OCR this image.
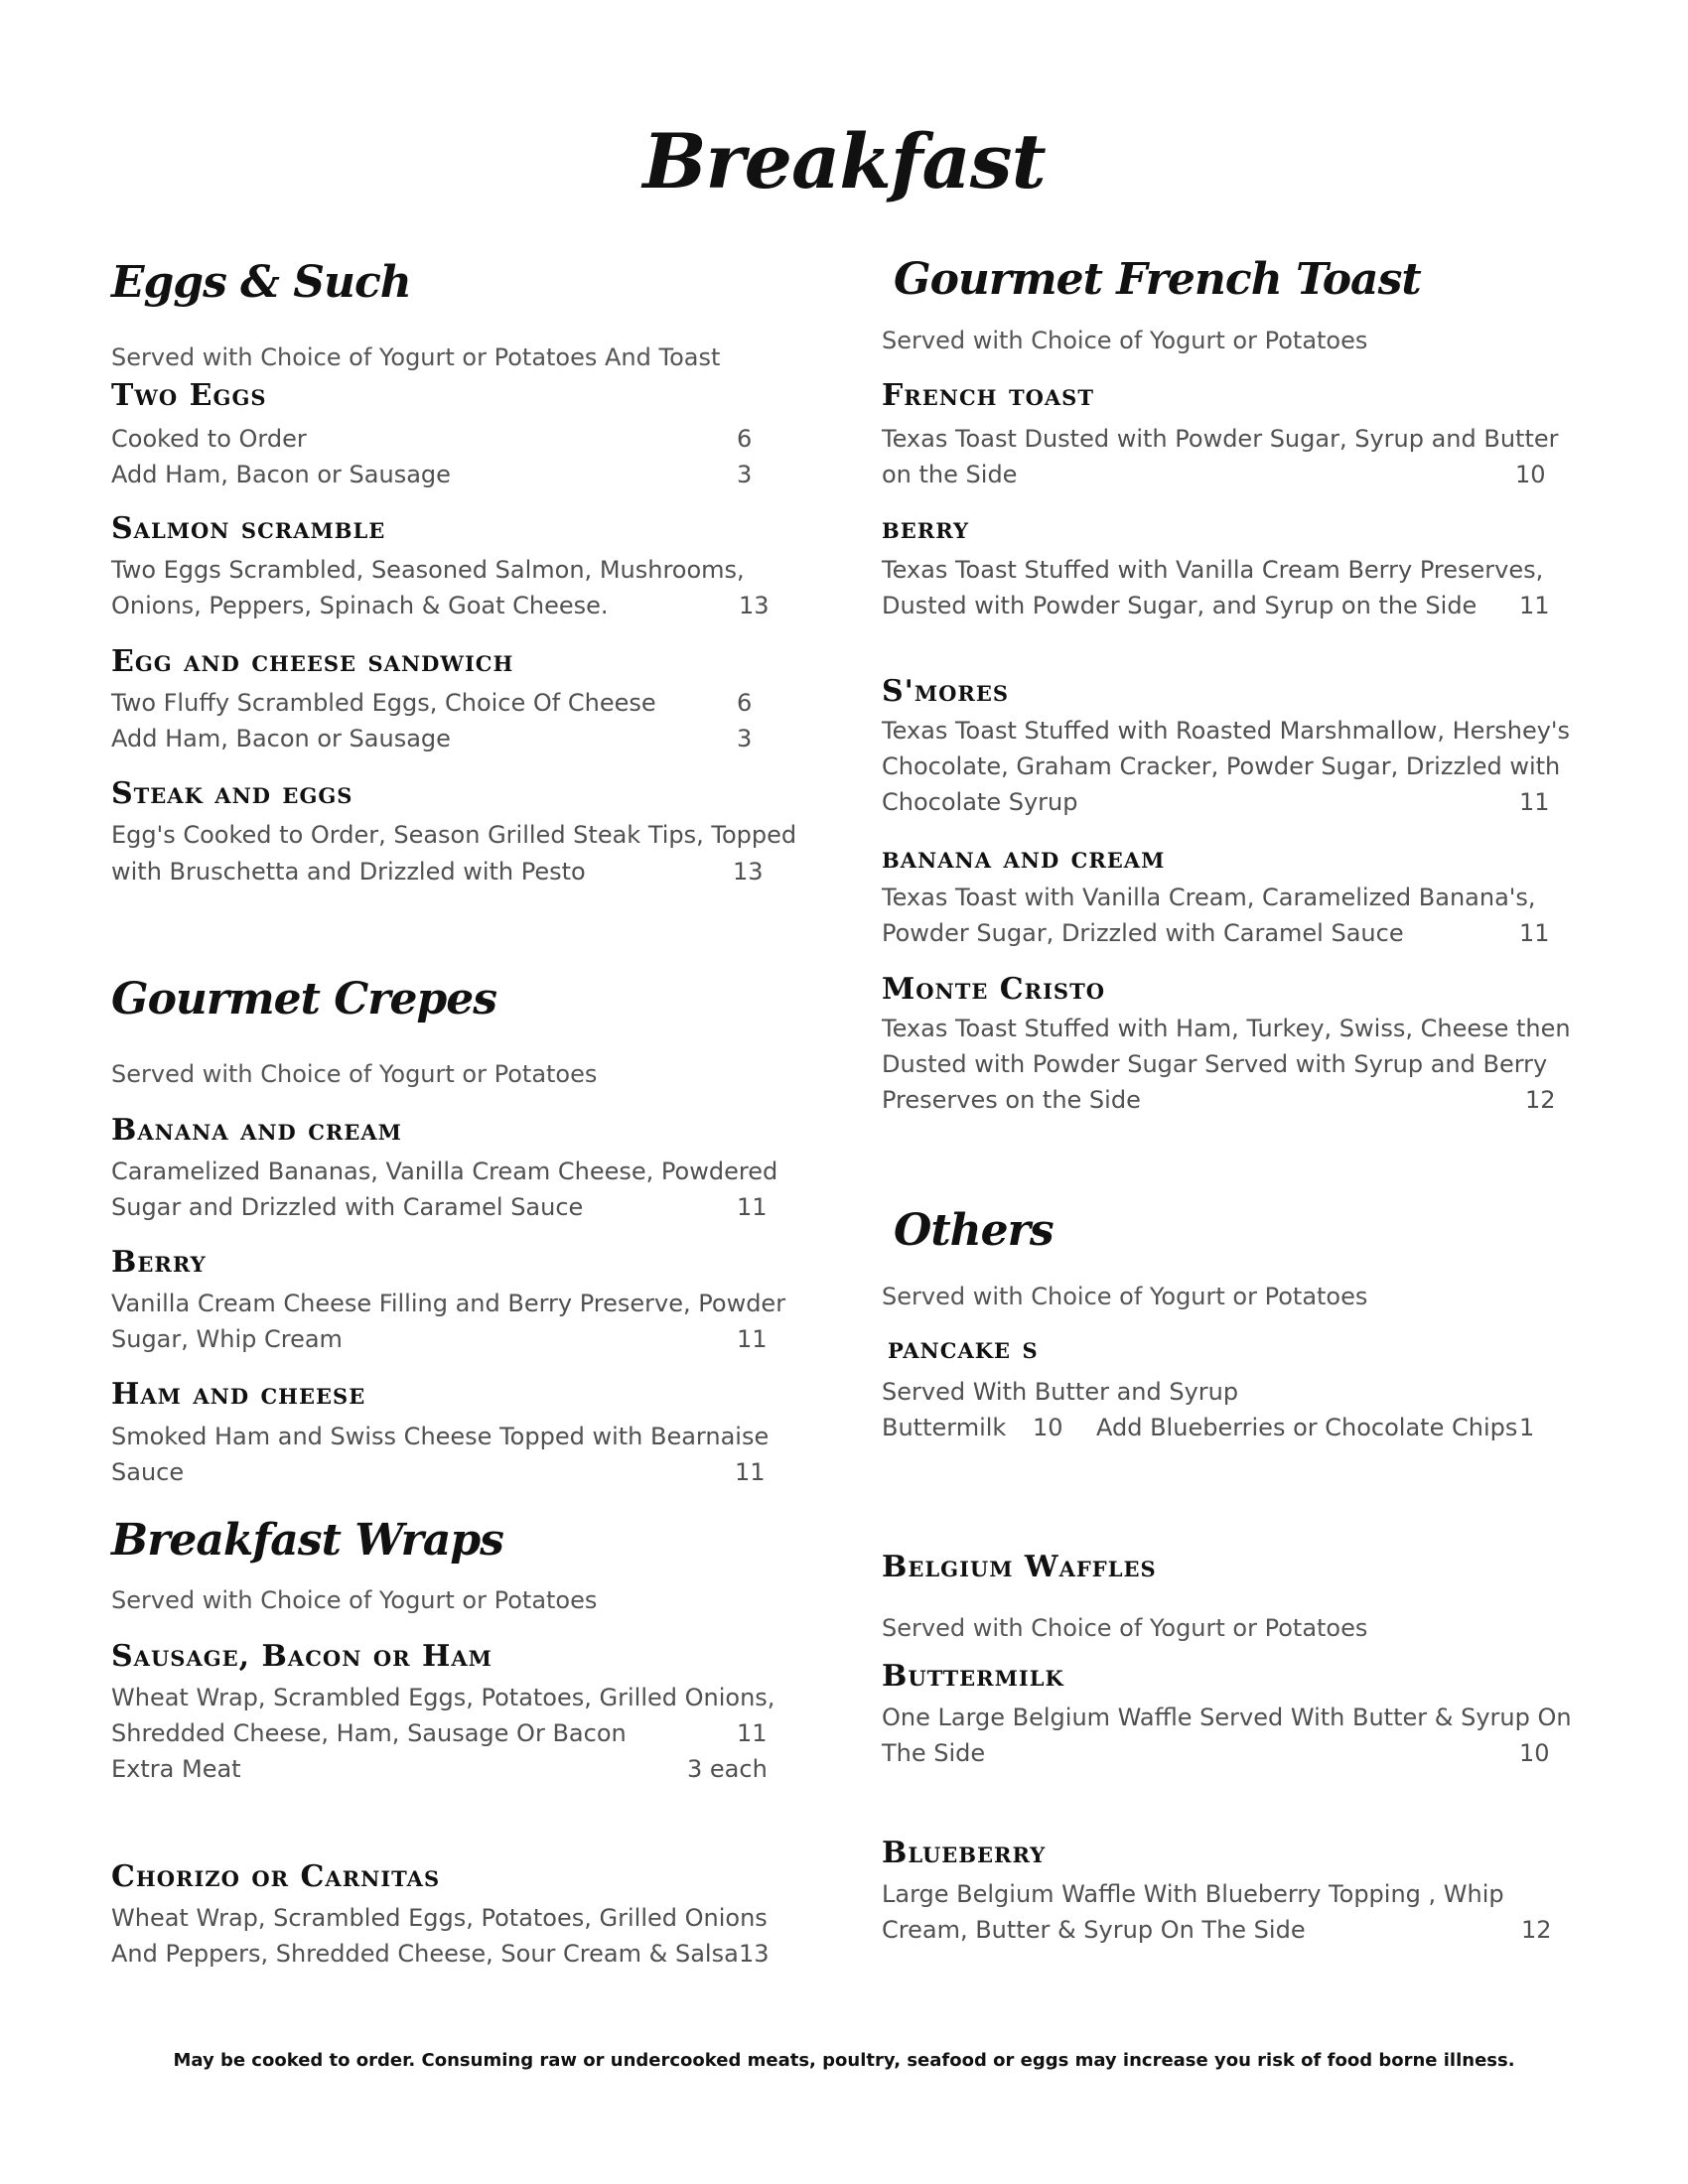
Breakfast
Eggs & Such
Served with Choice of Yogurt or Potatoes And Toast
Two Eggs
Cooked to Order	6
Add Ham, Bacon or Sausage	3
Salmon scramble
Two Eggs Scrambled, Seasoned Salmon, Mushrooms,
Onions, Peppers, Spinach & Goat Cheese.	13
Egg and cheese sandwich
Two Fluffy Scrambled Eggs, Choice Of Cheese	6
Add Ham, Bacon or Sausage	3
Steak and eggs
Egg's Cooked to Order, Season Grilled Steak Tips, Topped
with Bruschetta and Drizzled with Pesto	13
Gourmet Crepes
Served with Choice of Yogurt or Potatoes
Banana and cream
Caramelized Bananas, Vanilla Cream Cheese, Powdered
Sugar and Drizzled with Caramel Sauce	11
Berry
Vanilla Cream Cheese Filling and Berry Preserve, Powder
Sugar, Whip Cream	11
Ham and cheese
Smoked Ham and Swiss Cheese Topped with Bearnaise
Sauce	11
Breakfast Wraps
Served with Choice of Yogurt or Potatoes
Sausage, Bacon or Ham
Wheat Wrap, Scrambled Eggs, Potatoes, Grilled Onions,
Shredded Cheese, Ham, Sausage Or Bacon	11
Extra Meat	3 each
Chorizo or Carnitas
Wheat Wrap, Scrambled Eggs, Potatoes, Grilled Onions
And Peppers, Shredded Cheese, Sour Cream & Salsa 13
Gourmet French Toast
Served with Choice of Yogurt or Potatoes
French toast
Texas Toast Dusted with Powder Sugar, Syrup and Butter
on the Side	10
berry
Texas Toast Stuffed with Vanilla Cream Berry Preserves,
Dusted with Powder Sugar, and Syrup on the Side 11
S'mores
Texas Toast Stuffed with Roasted Marshmallow, Hershey's
Chocolate, Graham Cracker, Powder Sugar, Drizzled with
Chocolate Syrup	11
banana and cream
Texas Toast with Vanilla Cream, Caramelized Banana's,
Powder Sugar, Drizzled with Caramel Sauce	11
Monte Cristo
Texas Toast Stuffed with Ham, Turkey, Swiss, Cheese then
Dusted with Powder Sugar Served with Syrup and Berry
Preserves on the Side	12
Others
Served with Choice of Yogurt or Potatoes
pancake s
Served With Butter and Syrup
Buttermilk 10 Add Blueberries or Chocolate Chips 1
Belgium Waffles
Served with Choice of Yogurt or Potatoes
Buttermilk
One Large Belgium Waffle Served With Butter & Syrup On
The Side	10
Blueberry
Large Belgium Waffle With Blueberry Topping , Whip
Cream, Butter & Syrup On The Side	12
May be cooked to order. Consuming raw or undercooked meats, poultry, seafood or eggs may increase you risk of food borne illness.
